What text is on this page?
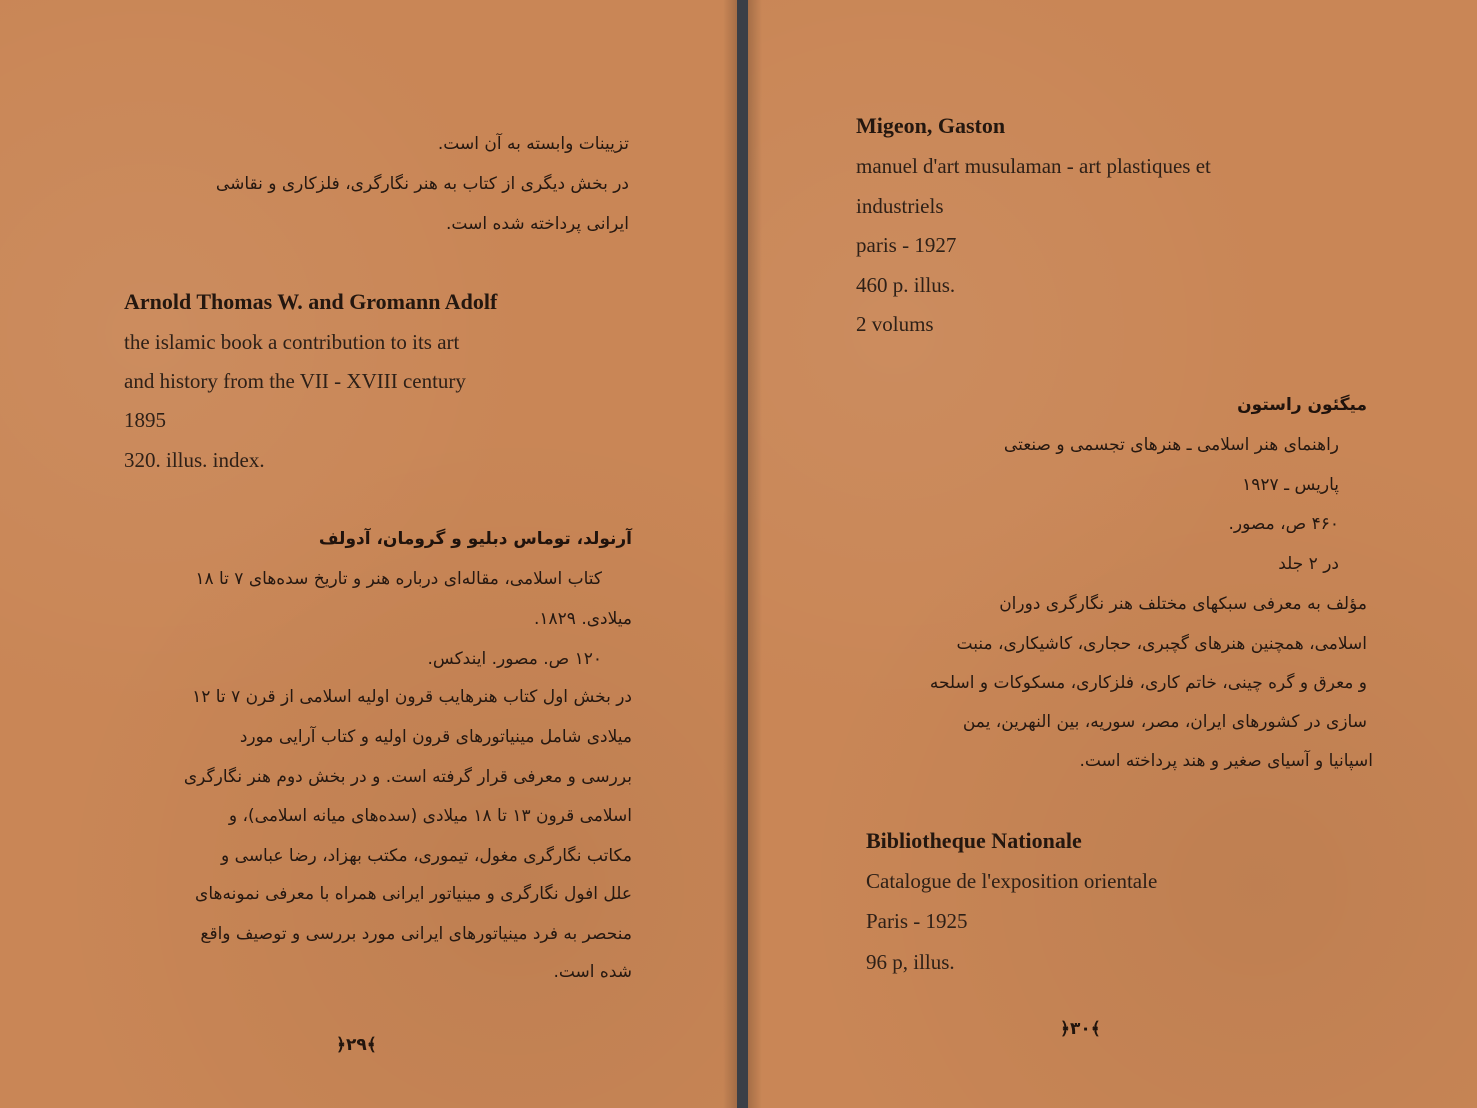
تزیینات وابسته به آن است.
در بخش دیگری از کتاب به هنر نگارگری، فلزکاری و نقاشی
ایرانی پرداخته شده است.
Arnold Thomas W. and Gromann Adolf
the islamic book a contribution to its art
and history from the VII - XVIII century
1895
320. illus. index.
آرنولد، توماس دبلیو و گرومان، آدولف
کتاب اسلامی، مقاله‌ای درباره هنر و تاریخ سده‌های ۷ تا ۱۸
میلادی. ۱۸۲۹.
۱۲۰ ص. مصور. ایندکس.
در بخش اول کتاب هنرهایب قرون اولیه اسلامی از قرن ۷ تا ۱۲
میلادی شامل مینیاتورهای قرون اولیه و کتاب آرایی مورد
بررسی و معرفی قرار گرفته است. و در بخش دوم هنر نگارگری
اسلامی قرون ۱۳ تا ۱۸ میلادی (سده‌های میانه اسلامی)، و
مکاتب نگارگری مغول، تیموری، مکتب بهزاد، رضا عباسی و
علل افول نگارگری و مینیاتور ایرانی همراه با معرفی نمونه‌های
منحصر به فرد مینیاتورهای ایرانی مورد بررسی و توصیف واقع
شده است.
﴿۲۹﴾
Migeon, Gaston
manuel d'art musulaman - art plastiques et
industriels
paris - 1927
460 p. illus.
2 volums
میگئون راستون
راهنمای هنر اسلامی ـ هنرهای تجسمی و صنعتی
پاریس ـ ۱۹۲۷
۴۶۰ ص، مصور.
در ۲ جلد
مؤلف به معرفی سبکهای مختلف هنر نگارگری دوران
اسلامی، همچنین هنرهای گچبری، حجاری، کاشیکاری، منبت
و معرق و گره چینی، خاتم کاری، فلزکاری، مسکوکات و اسلحه
سازی در کشورهای ایران، مصر، سوریه، بین النهرین، یمن
اسپانیا و آسیای صغیر و هند پرداخته است.
Bibliotheque Nationale
Catalogue de l'exposition orientale
Paris - 1925
96 p, illus.
﴿۳۰﴾
